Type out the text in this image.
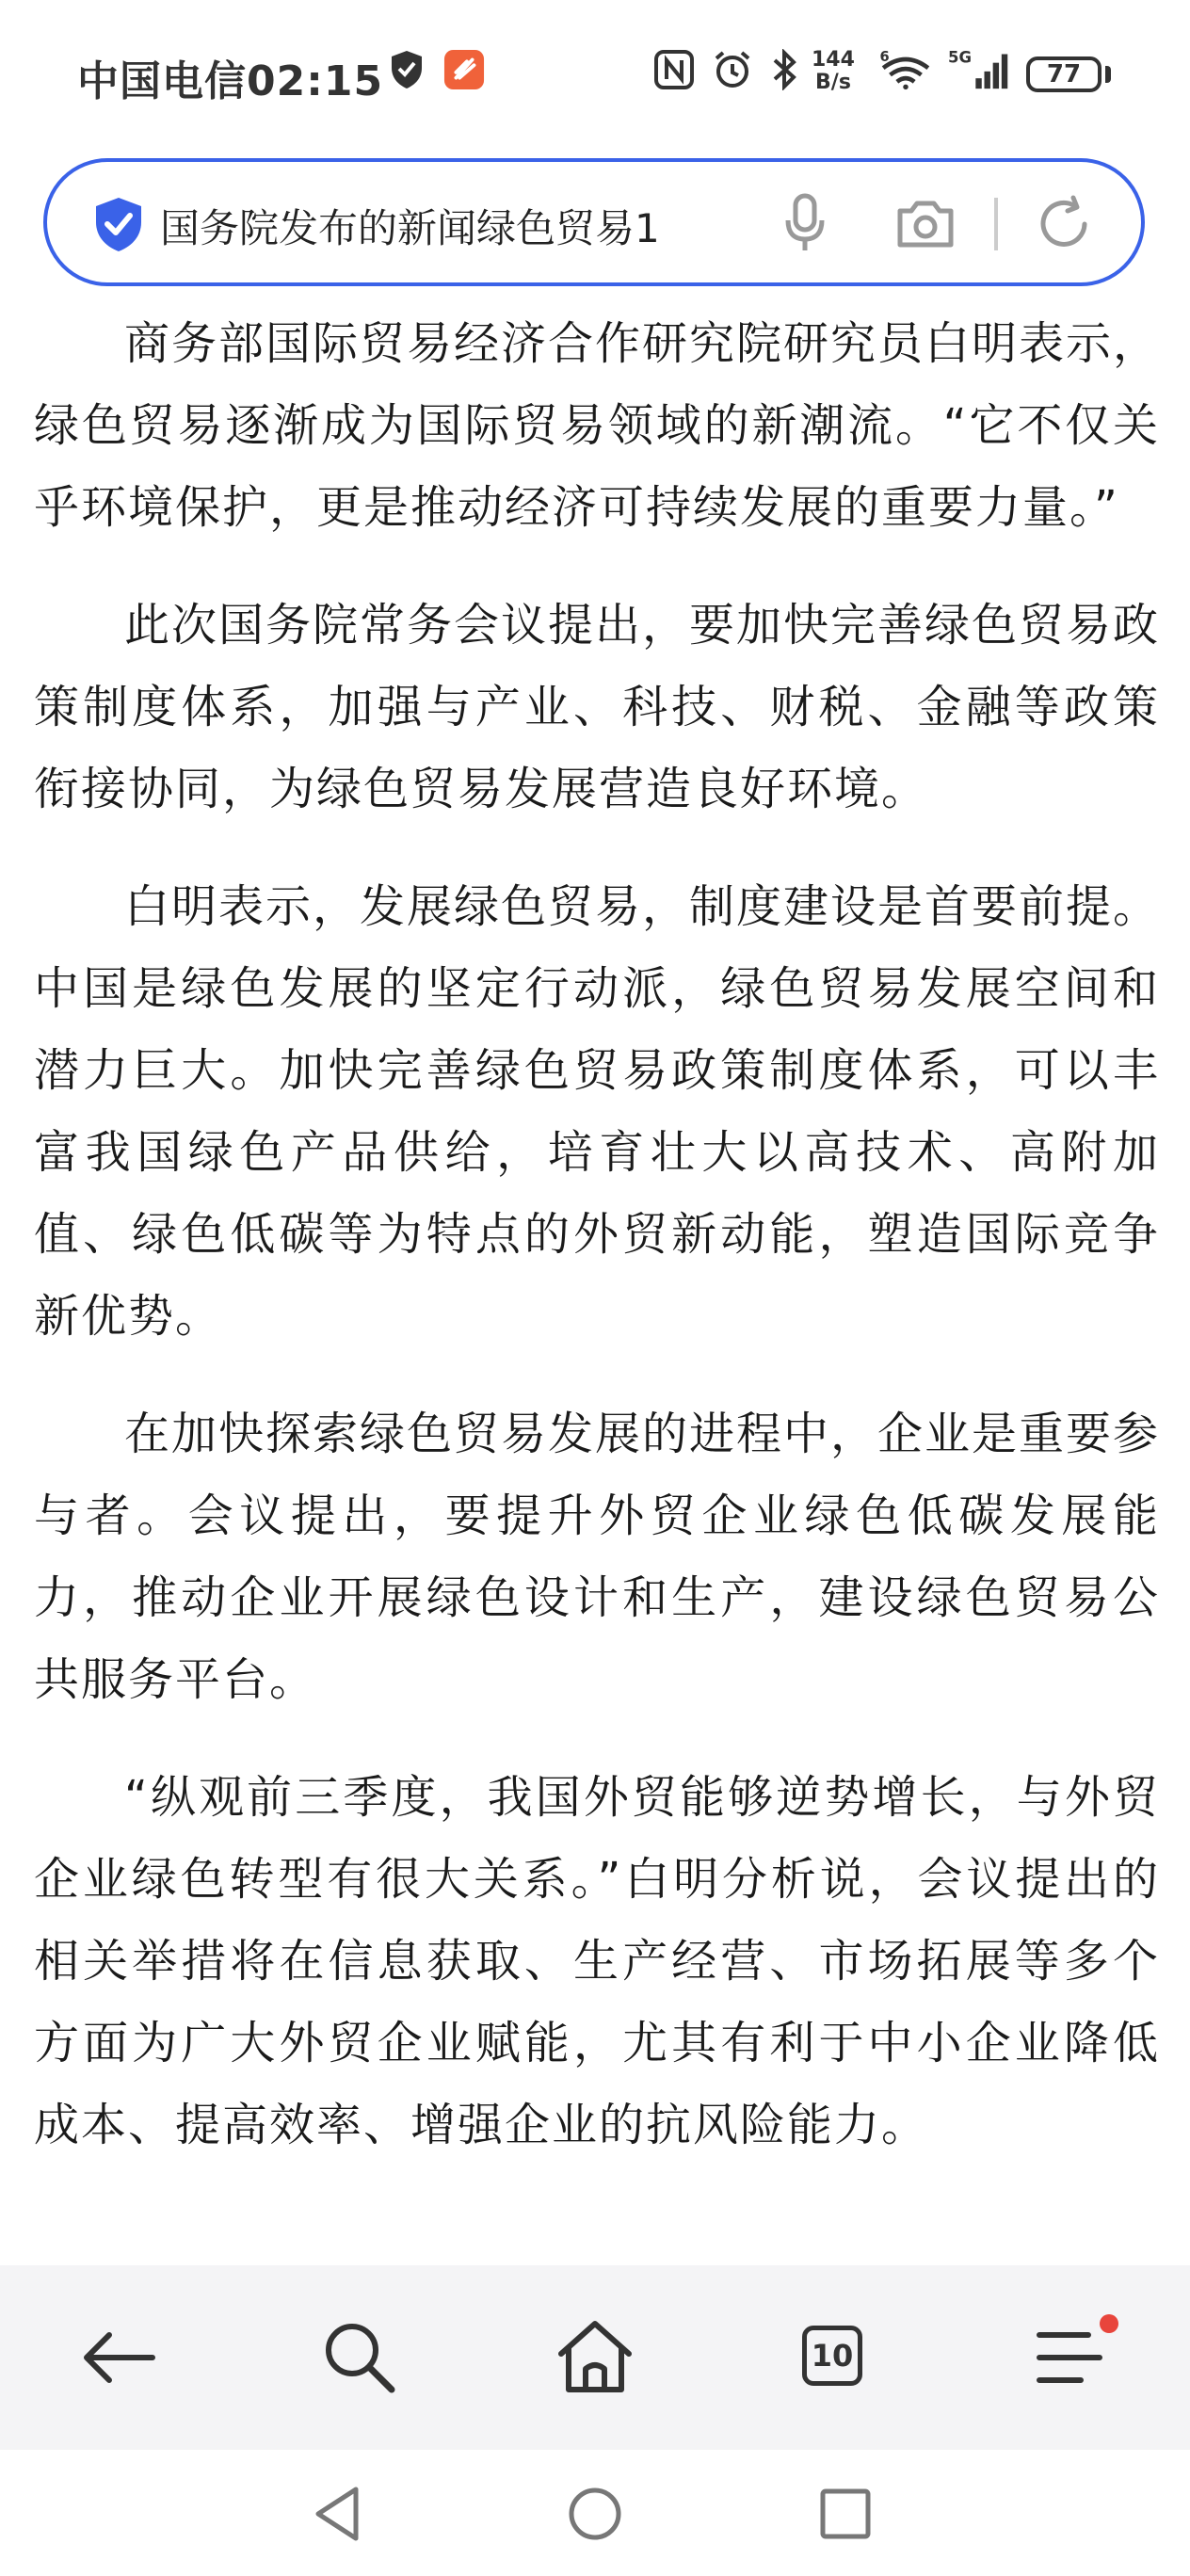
中国电信02:15	144
B/s
6	5G
77
国务院发布的新闻绿色贸易1

商务部国际贸易经济合作研究院研究员白明表示，绿色贸易逐渐成为国际贸易领域的新潮流。“它不仅关乎环境保护，更是推动经济可持续发展的重要力量。”

此次国务院常务会议提出，要加快完善绿色贸易政策制度体系，加强与产业、科技、财税、金融等政策衔接协同，为绿色贸易发展营造良好环境。

白明表示，发展绿色贸易，制度建设是首要前提。中国是绿色发展的坚定行动派，绿色贸易发展空间和潜力巨大。加快完善绿色贸易政策制度体系，可以丰富我国绿色产品供给，培育壮大以高技术、高附加值、绿色低碳等为特点的外贸新动能，塑造国际竞争新优势。

在加快探索绿色贸易发展的进程中，企业是重要参与者。会议提出，要提升外贸企业绿色低碳发展能力，推动企业开展绿色设计和生产，建设绿色贸易公共服务平台。

“纵观前三季度，我国外贸能够逆势增长，与外贸企业绿色转型有很大关系。”白明分析说，会议提出的相关举措将在信息获取、生产经营、市场拓展等多个方面为广大外贸企业赋能，尤其有利于中小企业降低成本、提高效率、增强企业的抗风险能力。

10
